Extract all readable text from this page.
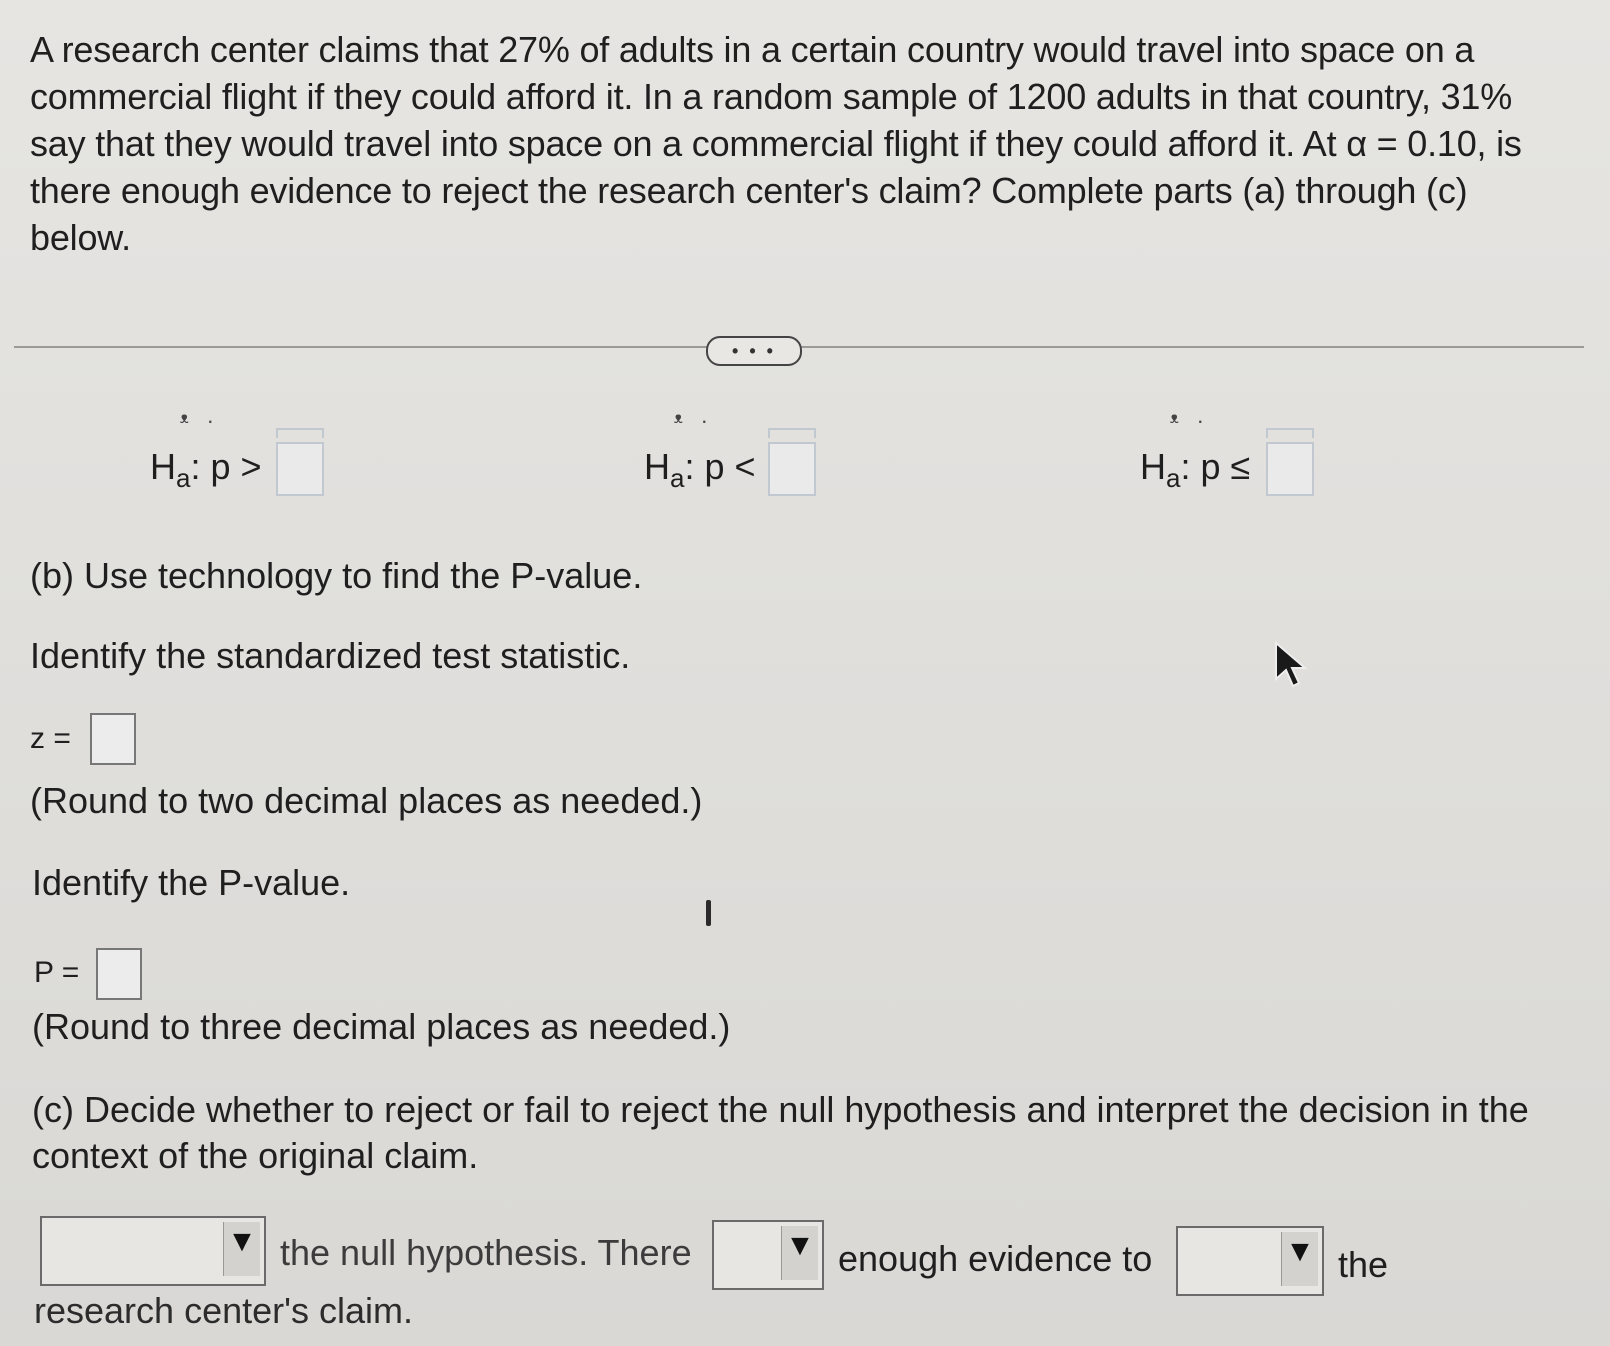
A research center claims that 27% of adults in a certain country would travel into space on a commercial flight if they could afford it. In a random sample of 1200 adults in that country, 31% say that they would travel into space on a commercial flight if they could afford it. At α = 0.10, is there enough evidence to reject the research center's claim? Complete parts (a) through (c) below.
• • •
ᵜ·
$H_a$: p >
ᵜ·
$H_a$: p <
ᵜ·
$H_a$: p ≤
(b) Use technology to find the P-value.
Identify the standardized test statistic.
z =
(Round to two decimal places as needed.)
Identify the P-value.
P =
(Round to three decimal places as needed.)
(c) Decide whether to reject or fail to reject the null hypothesis and interpret the decision in the context of the original claim.
▼ the null hypothesis. There	▼ enough evidence to	▼ the
research center's claim.
